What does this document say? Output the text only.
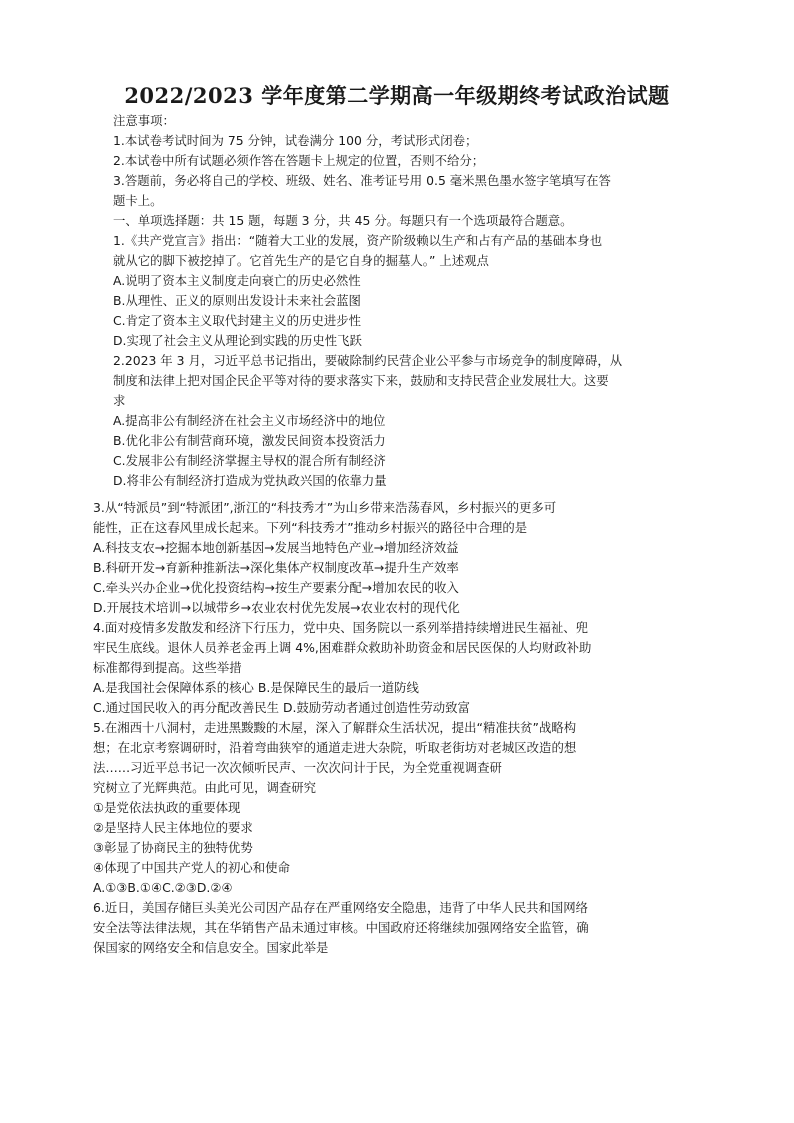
2022/2023 学年度第二学期高一年级期终考试政治试题
注意事项：
1.本试卷考试时间为 75 分钟，试卷满分 100 分，考试形式闭卷；
2.本试卷中所有试题必须作答在答题卡上规定的位置，否则不给分；
3.答题前，务必将自己的学校、班级、姓名、准考证号用 0.5 毫米黑色墨水签字笔填写在答
题卡上。
一、单项选择题：共 15 题，每题 3 分，共 45 分。每题只有一个选项最符合题意。
1.《共产党宣言》指出：“随着大工业的发展，资产阶级赖以生产和占有产品的基础本身也
就从它的脚下被挖掉了。它首先生产的是它自身的掘墓人。” 上述观点
A.说明了资本主义制度走向衰亡的历史必然性
B.从理性、正义的原则出发设计未来社会蓝图
C.肯定了资本主义取代封建主义的历史进步性
D.实现了社会主义从理论到实践的历史性飞跃
2.2023 年 3 月，习近平总书记指出，要破除制约民营企业公平参与市场竞争的制度障碍，从
制度和法律上把对国企民企平等对待的要求落实下来，鼓励和支持民营企业发展壮大。这要
求
A.提高非公有制经济在社会主义市场经济中的地位
B.优化非公有制营商环境，激发民间资本投资活力
C.发展非公有制经济掌握主导权的混合所有制经济
D.将非公有制经济打造成为党执政兴国的依靠力量
3.从“特派员”到“特派团”,浙江的“科技秀才”为山乡带来浩荡春风，乡村振兴的更多可
能性，正在这春风里成长起来。下列“科技秀才”推动乡村振兴的路径中合理的是
A.科技支农→挖掘本地创新基因→发展当地特色产业→增加经济效益
B.科研开发→育新种推新法→深化集体产权制度改革→提升生产效率
C.牵头兴办企业→优化投资结构→按生产要素分配→增加农民的收入
D.开展技术培训→以城带乡→农业农村优先发展→农业农村的现代化
4.面对疫情多发散发和经济下行压力，党中央、国务院以一系列举措持续增进民生福祉、兜
牢民生底线。退休人员养老金再上调 4%,困难群众救助补助资金和居民医保的人均财政补助
标准都得到提高。这些举措
A.是我国社会保障体系的核心 B.是保障民生的最后一道防线
C.通过国民收入的再分配改善民生 D.鼓励劳动者通过创造性劳动致富
5.在湘西十八洞村，走进黑黢黢的木屋，深入了解群众生活状况，提出“精准扶贫”战略构
想；在北京考察调研时，沿着弯曲狭窄的通道走进大杂院，听取老街坊对老城区改造的想
法……习近平总书记一次次倾听民声、一次次问计于民，为全党重视调查研
究树立了光辉典范。由此可见，调查研究
①是党依法执政的重要体现
②是坚持人民主体地位的要求
③彰显了协商民主的独特优势
④体现了中国共产党人的初心和使命
A.①③B.①④C.②③D.②④
6.近日，美国存储巨头美光公司因产品存在严重网络安全隐患，违背了中华人民共和国网络
安全法等法律法规，其在华销售产品未通过审核。中国政府还将继续加强网络安全监管，确
保国家的网络安全和信息安全。国家此举是
